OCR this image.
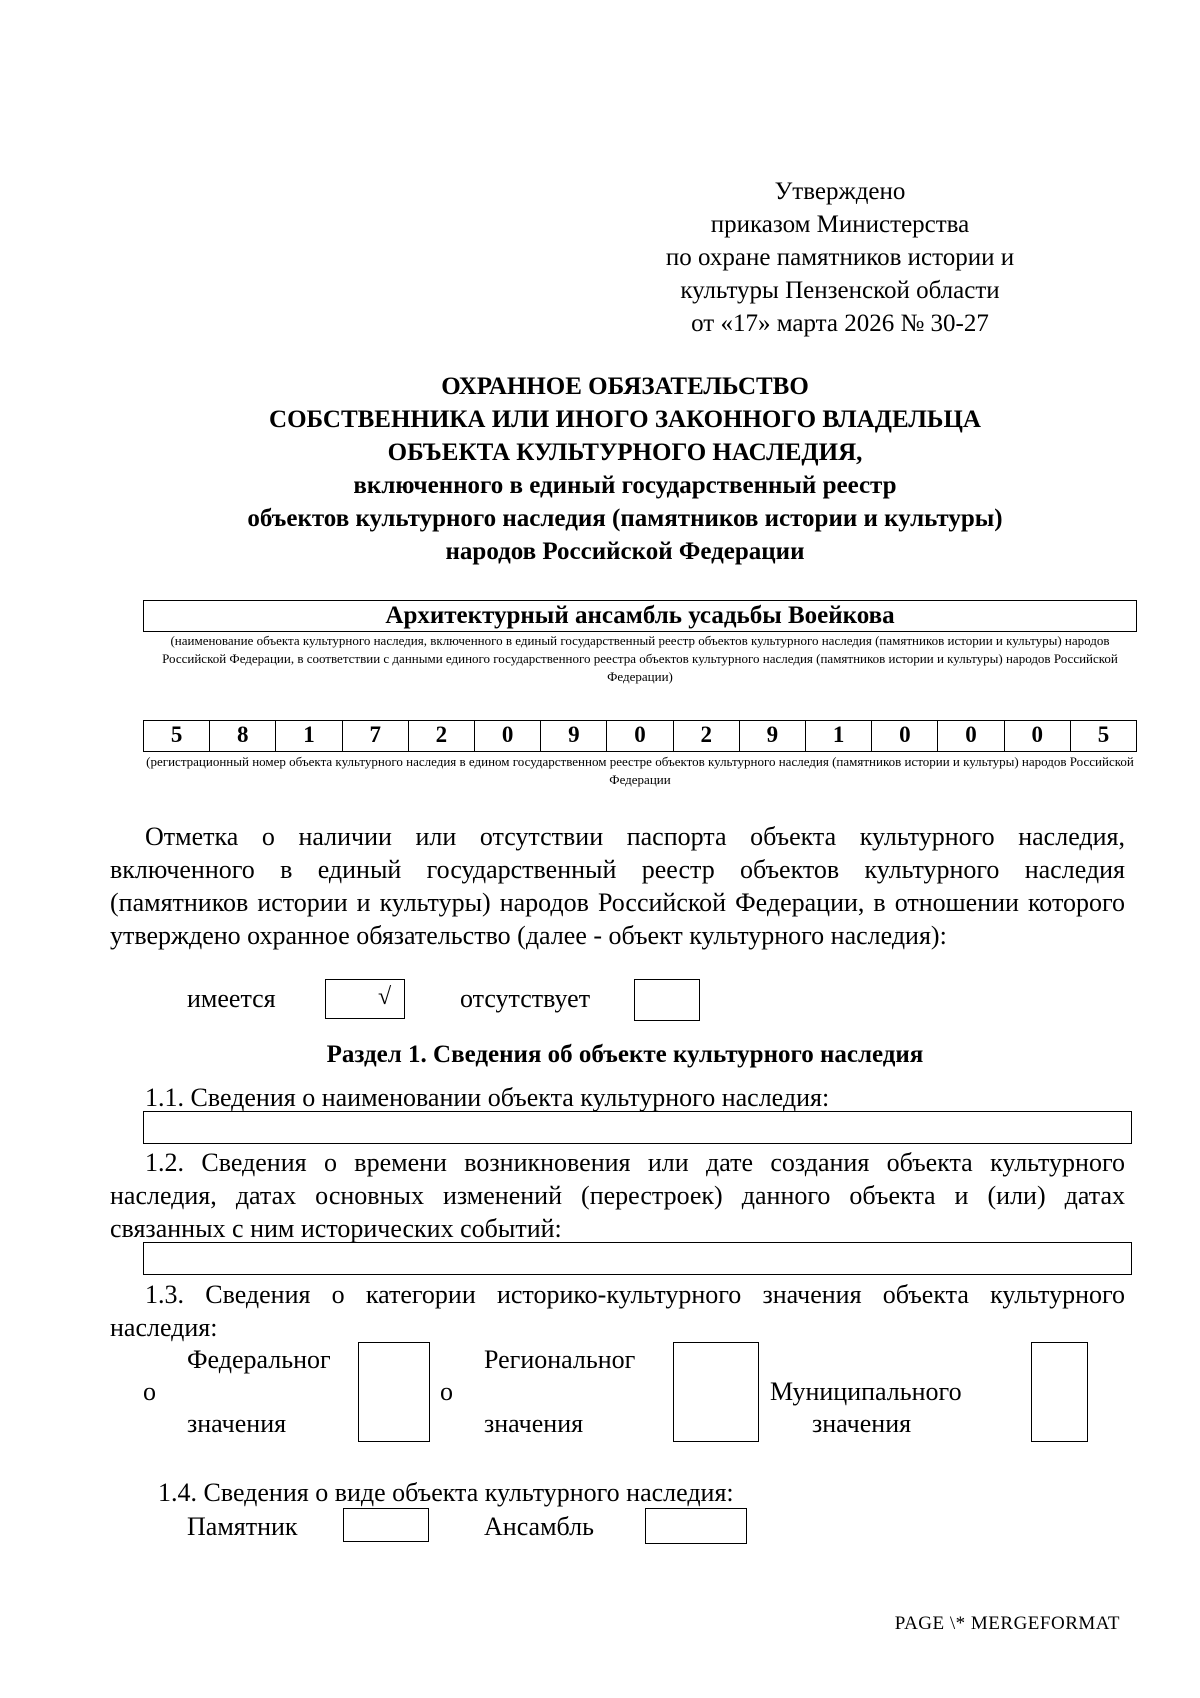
Утверждено
приказом Министерства
по охране памятников истории и
культуры Пензенской области
от «17» марта 2026 № 30-27
ОХРАННОЕ ОБЯЗАТЕЛЬСТВО
СОБСТВЕННИКА ИЛИ ИНОГО ЗАКОННОГО ВЛАДЕЛЬЦА
ОБЪЕКТА КУЛЬТУРНОГО НАСЛЕДИЯ,
включенного в единый государственный реестр
объектов культурного наследия (памятников истории и культуры)
народов Российской Федерации
Архитектурный ансамбль усадьбы Воейкова
(наименование объекта культурного наследия, включенного в единый государственный реестр объектов культурного наследия (памятников истории и культуры) народов Российской Федерации, в соответствии с данными единого государственного реестра объектов культурного наследия (памятников истории и культуры) народов Российской Федерации)
5	8	1	7	2	0	9	0	2	9	1	0	0	0	5
(регистрационный номер объекта культурного наследия в едином государственном реестре объектов культурного наследия (памятников истории и культуры) народов Российской Федерации
Отметка о наличии или отсутствии паспорта объекта культурного наследия, включенного в единый государственный реестр объектов культурного наследия (памятников истории и культуры) народов Российской Федерации, в отношении которого утверждено охранное обязательство (далее - объект культурного наследия):
имеется	√	отсутствует
Раздел 1. Сведения об объекте культурного наследия
1.1. Сведения о наименовании объекта культурного наследия:
1.2. Сведения о времени возникновения или дате создания объекта культурного наследия, датах основных изменений (перестроек) данного объекта и (или) датах связанных с ним исторических событий:
1.3. Сведения о категории историко-культурного значения объекта культурного наследия:
Федеральног
о
значения
Региональног
о
значения
Муниципального
значения
1.4. Сведения о виде объекта культурного наследия:
Памятник	Ансамбль
PAGE \* MERGEFORMAT
